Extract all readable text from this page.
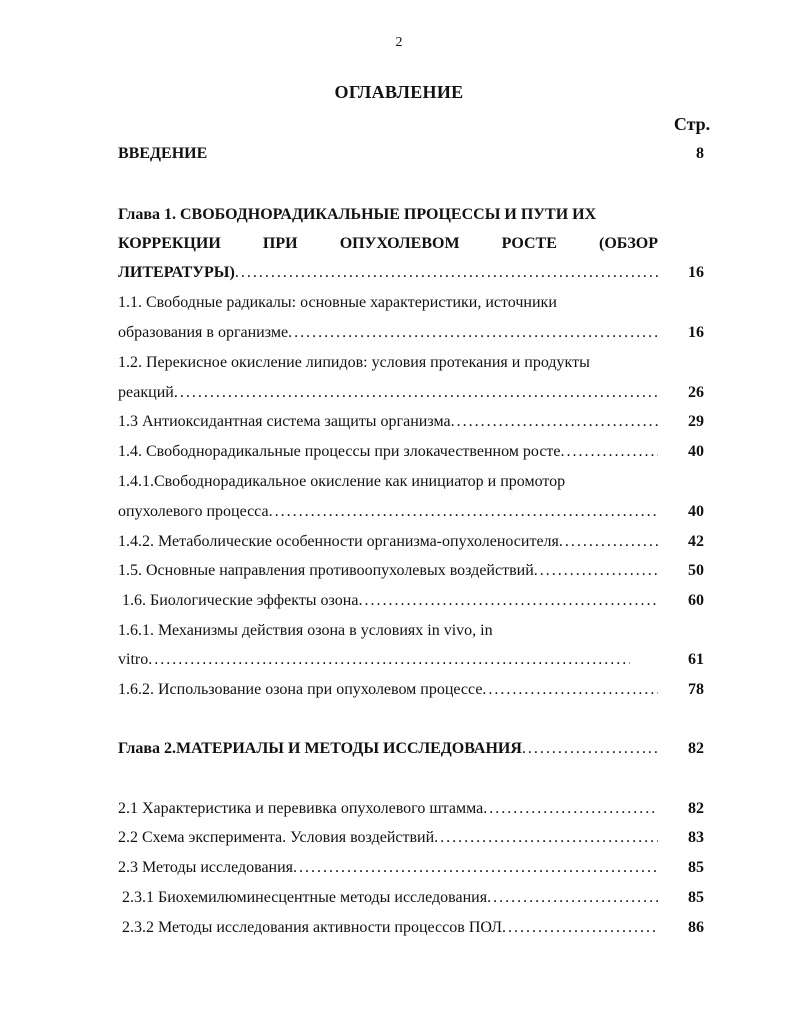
2
ОГЛАВЛЕНИЕ
Стр.
ВВЕДЕНИЕ	8
Глава 1. СВОБОДНОРАДИКАЛЬНЫЕ ПРОЦЕССЫ И ПУТИ ИХ
КОРРЕКЦИИ	ПРИ	ОПУХОЛЕВОМ	РОСТЕ	(ОБЗОР
ЛИТЕРАТУРЫ) . . .	16
1.1. Свободные радикалы: основные характеристики, источники
образования в организме . . .	16
1.2. Перекисное окисление липидов: условия протекания и продукты
реакций . . .	26
1.3 Антиоксидантная система защиты организма . . .	29
1.4. Свободнорадикальные процессы при злокачественном росте . . .	40
1.4.1.Свободнорадикальное окисление как инициатор и промотор
опухолевого процесса . . .	40
1.4.2. Метаболические особенности организма-опухоленосителя . . .	42
1.5. Основные направления противоопухолевых воздействий . . .	50
1.6. Биологические эффекты озона . . .	60
1.6.1. Механизмы действия озона в условиях in vivo, in
vitro . . .	61
1.6.2. Использование озона при опухолевом процессе . . .	78
Глава 2.МАТЕРИАЛЫ И МЕТОДЫ ИССЛЕДОВАНИЯ . . .	82
2.1 Характеристика и перевивка опухолевого штамма . . .	82
2.2 Схема эксперимента. Условия воздействий . . .	83
2.3 Методы исследования . . .	85
2.3.1 Биохемилюминесцентные методы исследования . . .	85
2.3.2 Методы исследования активности процессов ПОЛ . . .	86
